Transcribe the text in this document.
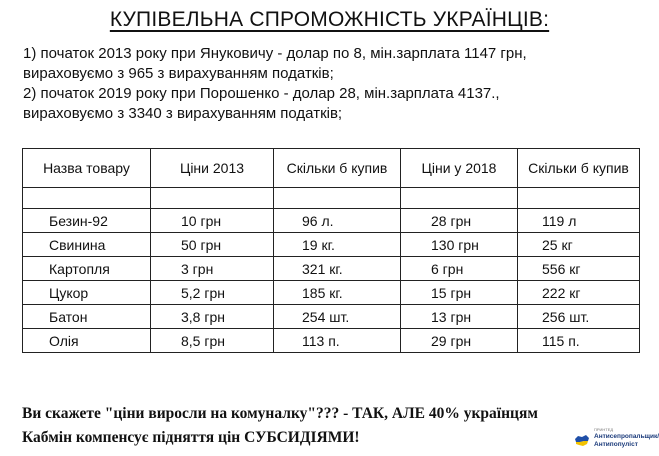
КУПІВЕЛЬНА СПРОМОЖНІСТЬ УКРАЇНЦІВ:
1) початок 2013 року при Януковичу - долар по 8, мін.зарплата 1147 грн,
вираховуємо з 965 з вирахуванням податків;
2) початок 2019 року при Порошенко - долар 28, мін.зарплата 4137.,
вираховуємо з 3340 з вирахуванням податків;
Назва товару	Ціни 2013	Скільки б купив	Ціни у 2018	Скільки б купив

Безин-92	10 грн	96 л.	28 грн	119 л
Свинина	50 грн	19 кг.	130 грн	25 кг
Картопля	3 грн	321 кг.	6 грн	556 кг
Цукор	5,2 грн	185 кг.	15 грн	222 кг
Батон	3,8 грн	254 шт.	13 грн	256 шт.
Олія	8,5 грн	113 п.	29 грн	115 п.
Ви скажете "ціни виросли на комуналку"??? - ТАК, АЛЕ 40% українцям
Кабмін компенсує підняття цін СУБСИДІЯМИ!	ПРИНТЕД
Антисепропальщик/
Антипопуліст
